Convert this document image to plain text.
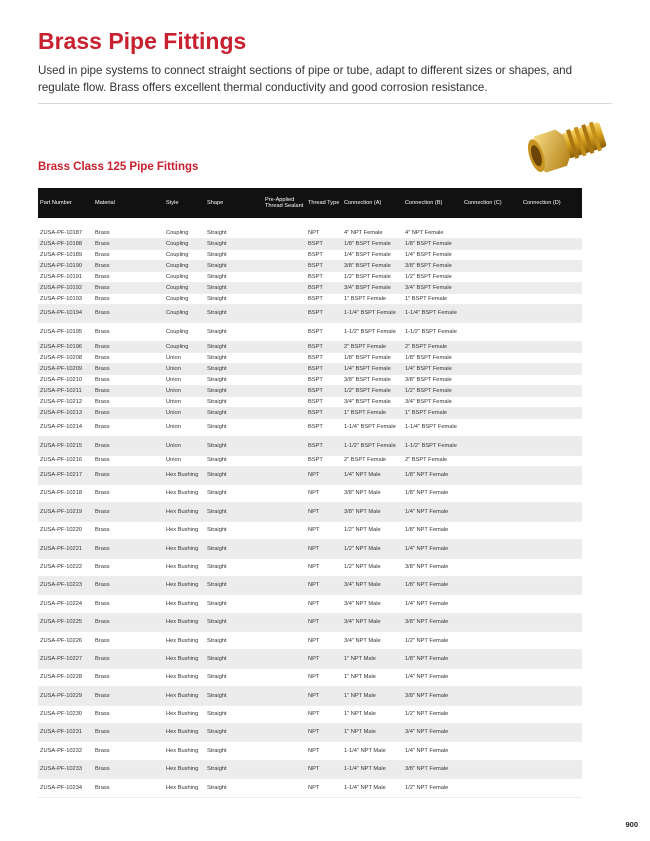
Brass Pipe Fittings

Used in pipe systems to connect straight sections of pipe or tube, adapt to different sizes or shapes, and regulate flow. Brass offers excellent thermal conductivity and good corrosion resistance.

Brass Class 125 Pipe Fittings
Part Number	Material	Style	Shape	Pre-Applied Thread Sealant	Thread Type	Connection (A)	Connection (B)	Connection (C)	Connection (D)

ZUSA-PF-10187	Brass	Coupling	Straight		NPT	4" NPT Female	4" NPT Female		
ZUSA-PF-10188	Brass	Coupling	Straight		BSPT	1/8" BSPT Female	1/8" BSPT Female		
ZUSA-PF-10189	Brass	Coupling	Straight		BSPT	1/4" BSPT Female	1/4" BSPT Female		
ZUSA-PF-10190	Brass	Coupling	Straight		BSPT	3/8" BSPT Female	3/8" BSPT Female		
ZUSA-PF-10191	Brass	Coupling	Straight		BSPT	1/2" BSPT Female	1/2" BSPT Female		
ZUSA-PF-10192	Brass	Coupling	Straight		BSPT	3/4" BSPT Female	3/4" BSPT Female		
ZUSA-PF-10193	Brass	Coupling	Straight		BSPT	1" BSPT Female	1" BSPT Female		
ZUSA-PF-10194	Brass	Coupling	Straight		BSPT	1-1/4" BSPT Female	1-1/4" BSPT Female		
ZUSA-PF-10195	Brass	Coupling	Straight		BSPT	1-1/2" BSPT Female	1-1/2" BSPT Female		
ZUSA-PF-10196	Brass	Coupling	Straight		BSPT	2" BSPT Female	2" BSPT Female		
ZUSA-PF-10208	Brass	Union	Straight		BSPT	1/8" BSPT Female	1/8" BSPT Female		
ZUSA-PF-10209	Brass	Union	Straight		BSPT	1/4" BSPT Female	1/4" BSPT Female		
ZUSA-PF-10210	Brass	Union	Straight		BSPT	3/8" BSPT Female	3/8" BSPT Female		
ZUSA-PF-10211	Brass	Union	Straight		BSPT	1/2" BSPT Female	1/2" BSPT Female		
ZUSA-PF-10212	Brass	Union	Straight		BSPT	3/4" BSPT Female	3/4" BSPT Female		
ZUSA-PF-10213	Brass	Union	Straight		BSPT	1" BSPT Female	1" BSPT Female		
ZUSA-PF-10214	Brass	Union	Straight		BSPT	1-1/4" BSPT Female	1-1/4" BSPT Female		
ZUSA-PF-10215	Brass	Union	Straight		BSPT	1-1/2" BSPT Female	1-1/2" BSPT Female		
ZUSA-PF-10216	Brass	Union	Straight		BSPT	2" BSPT Female	2" BSPT Female		
ZUSA-PF-10217	Brass	Hex Bushing	Straight		NPT	1/4" NPT Male	1/8" NPT Female		
ZUSA-PF-10218	Brass	Hex Bushing	Straight		NPT	3/8" NPT Male	1/8" NPT Female		
ZUSA-PF-10219	Brass	Hex Bushing	Straight		NPT	3/8" NPT Male	1/4" NPT Female		
ZUSA-PF-10220	Brass	Hex Bushing	Straight		NPT	1/2" NPT Male	1/8" NPT Female		
ZUSA-PF-10221	Brass	Hex Bushing	Straight		NPT	1/2" NPT Male	1/4" NPT Female		
ZUSA-PF-10222	Brass	Hex Bushing	Straight		NPT	1/2" NPT Male	3/8" NPT Female		
ZUSA-PF-10223	Brass	Hex Bushing	Straight		NPT	3/4" NPT Male	1/8" NPT Female		
ZUSA-PF-10224	Brass	Hex Bushing	Straight		NPT	3/4" NPT Male	1/4" NPT Female		
ZUSA-PF-10225	Brass	Hex Bushing	Straight		NPT	3/4" NPT Male	3/8" NPT Female		
ZUSA-PF-10226	Brass	Hex Bushing	Straight		NPT	3/4" NPT Male	1/2" NPT Female		
ZUSA-PF-10227	Brass	Hex Bushing	Straight		NPT	1" NPT Male	1/8" NPT Female		
ZUSA-PF-10228	Brass	Hex Bushing	Straight		NPT	1" NPT Male	1/4" NPT Female		
ZUSA-PF-10229	Brass	Hex Bushing	Straight		NPT	1" NPT Male	3/8" NPT Female		
ZUSA-PF-10230	Brass	Hex Bushing	Straight		NPT	1" NPT Male	1/2" NPT Female		
ZUSA-PF-10231	Brass	Hex Bushing	Straight		NPT	1" NPT Male	3/4" NPT Female		
ZUSA-PF-10232	Brass	Hex Bushing	Straight		NPT	1-1/4" NPT Male	1/4" NPT Female		
ZUSA-PF-10233	Brass	Hex Bushing	Straight		NPT	1-1/4" NPT Male	3/8" NPT Female		
ZUSA-PF-10234	Brass	Hex Bushing	Straight		NPT	1-1/4" NPT Male	1/2" NPT Female		
900
